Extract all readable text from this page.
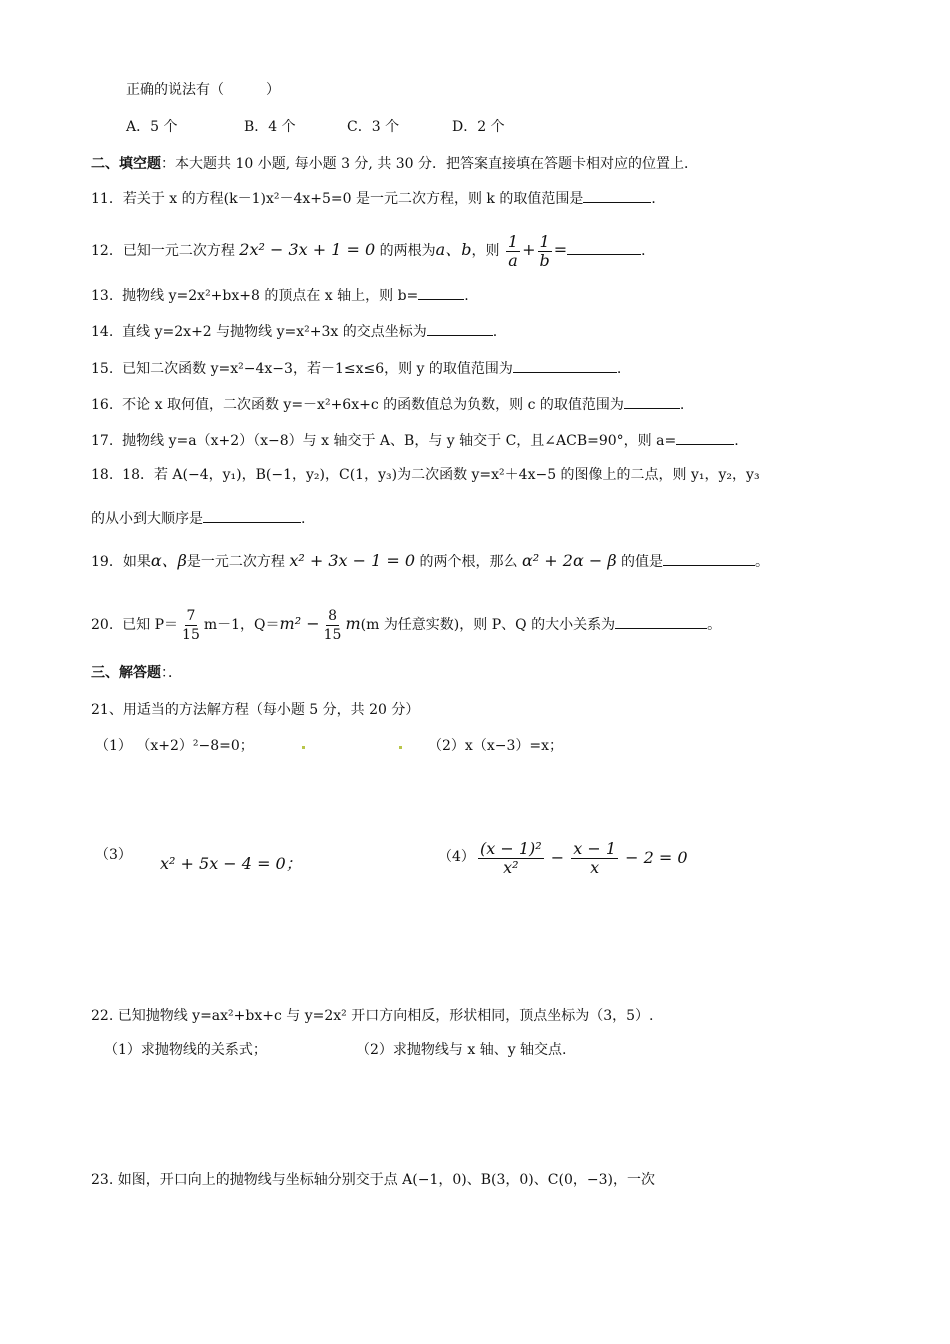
正确的说法有（　　　）
A．5 个	B．4 个	C．3 个	D．2 个
二、填空题：本大题共 10 小题, 每小题 3 分, 共 30 分．把答案直接填在答题卡相对应的位置上．
11．若关于 x 的方程(k－1)x²－4x+5=0 是一元二次方程，则 k 的取值范围是	．
12．已知一元二次方程 2x² − 3x + 1 = 0 的两根为a、b，则 $\frac{1}{a} + \frac{1}{b}$ =	．
13. 抛物线 y=2x²+bx+8 的顶点在 x 轴上，则 b=	.
14. 直线 y=2x+2 与抛物线 y=x²+3x 的交点坐标为	.
15. 已知二次函数 y=x²−4x−3，若－1≤x≤6，则 y 的取值范围为	.
16. 不论 x 取何值，二次函数 y=－x²+6x+c 的函数值总为负数，则 c 的取值范围为	.
17. 抛物线 y=a（x+2）（x−8）与 x 轴交于 A、B，与 y 轴交于 C，且∠ACB=90°，则 a=	.
18. 18．若 A(−4，y₁)，B(−1，y₂)，C(1，y₃)为二次函数 y=x²＋4x−5 的图像上的二点，则 y₁，y₂，y₃
的从小到大顺序是	.
19．如果α、β是一元二次方程 x² + 3x − 1 = 0 的两个根，那么 α² + 2α − β 的值是	。
20. 已知 $P= \frac{7}{15} m-1$，$Q=m^2 - \frac{8}{15} m(m$ 为任意实数)，则 P、Q 的大小关系为	。
三、解答题：．
21、用适当的方法解方程（每小题 5 分，共 20 分）
（1） （x+2）²−8=0；	（2）x（x−3）=x；
（3） x² + 5x − 4 = 0；	$(4) \frac{\text{(x − 1)²}}{\text{x²}} - \frac{x - 1}{x} - 2 = 0$
22. 已知抛物线 y=ax²+bx+c 与 y=2x² 开口方向相反，形状相同，顶点坐标为（3，5）.
（1）求抛物线的关系式；	（2）求抛物线与 x 轴、y 轴交点.
23. 如图，开口向上的抛物线与坐标轴分别交于点 A(−1，0)、B(3，0)、C(0，−3)，一次
